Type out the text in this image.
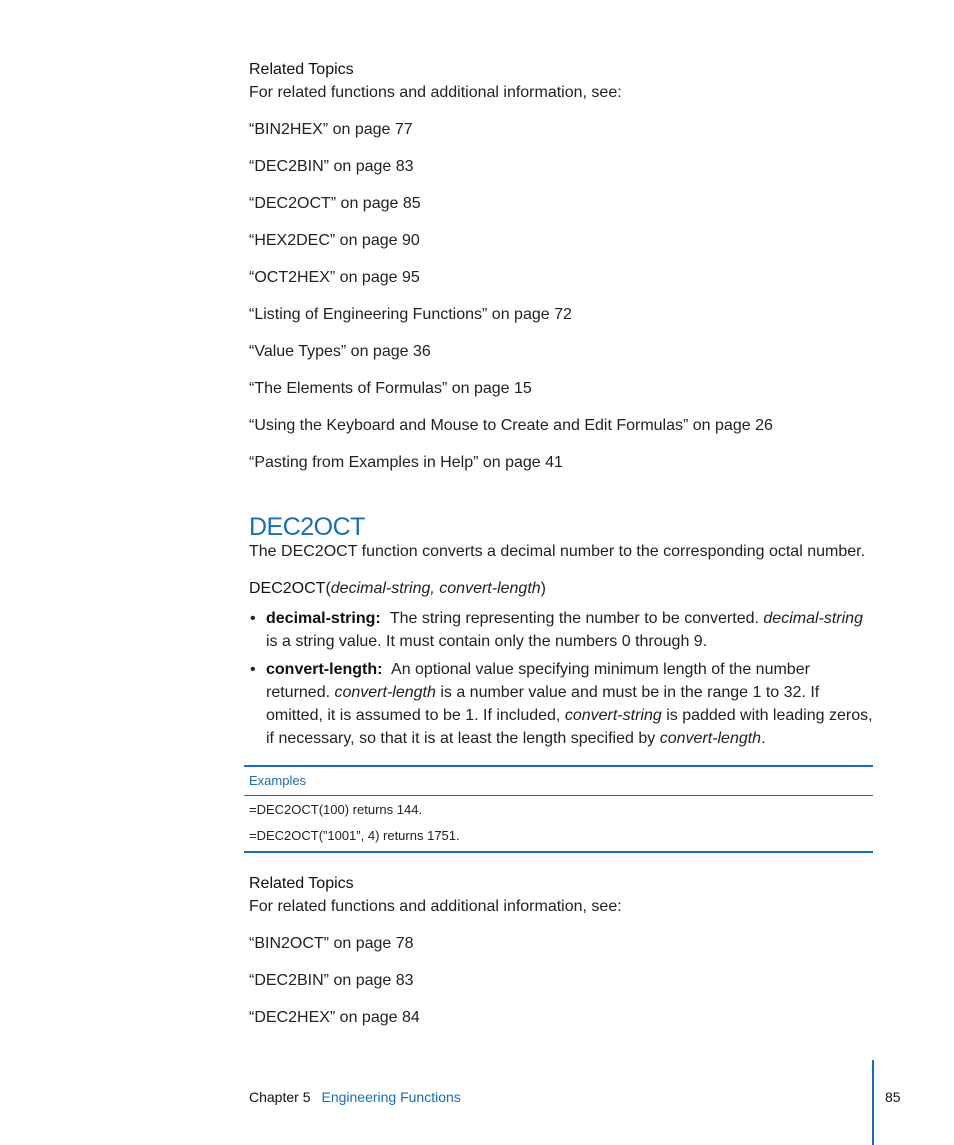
Related Topics
For related functions and additional information, see:
“BIN2HEX” on page 77
“DEC2BIN” on page 83
“DEC2OCT” on page 85
“HEX2DEC” on page 90
“OCT2HEX” on page 95
“Listing of Engineering Functions” on page 72
“Value Types” on page 36
“The Elements of Formulas” on page 15
“Using the Keyboard and Mouse to Create and Edit Formulas” on page 26
“Pasting from Examples in Help” on page 41
DEC2OCT
The DEC2OCT function converts a decimal number to the corresponding octal number.
DEC2OCT(decimal-string, convert-length)
• decimal-string: The string representing the number to be converted. decimal-string is a string value. It must contain only the numbers 0 through 9.
• convert-length: An optional value specifying minimum length of the number returned. convert-length is a number value and must be in the range 1 to 32. If omitted, it is assumed to be 1. If included, convert-string is padded with leading zeros, if necessary, so that it is at least the length specified by convert-length.
Examples
=DEC2OCT(100) returns 144.
=DEC2OCT(”1001”, 4) returns 1751.
Related Topics
For related functions and additional information, see:
“BIN2OCT” on page 78
“DEC2BIN” on page 83
“DEC2HEX” on page 84
Chapter 5 Engineering Functions	85
